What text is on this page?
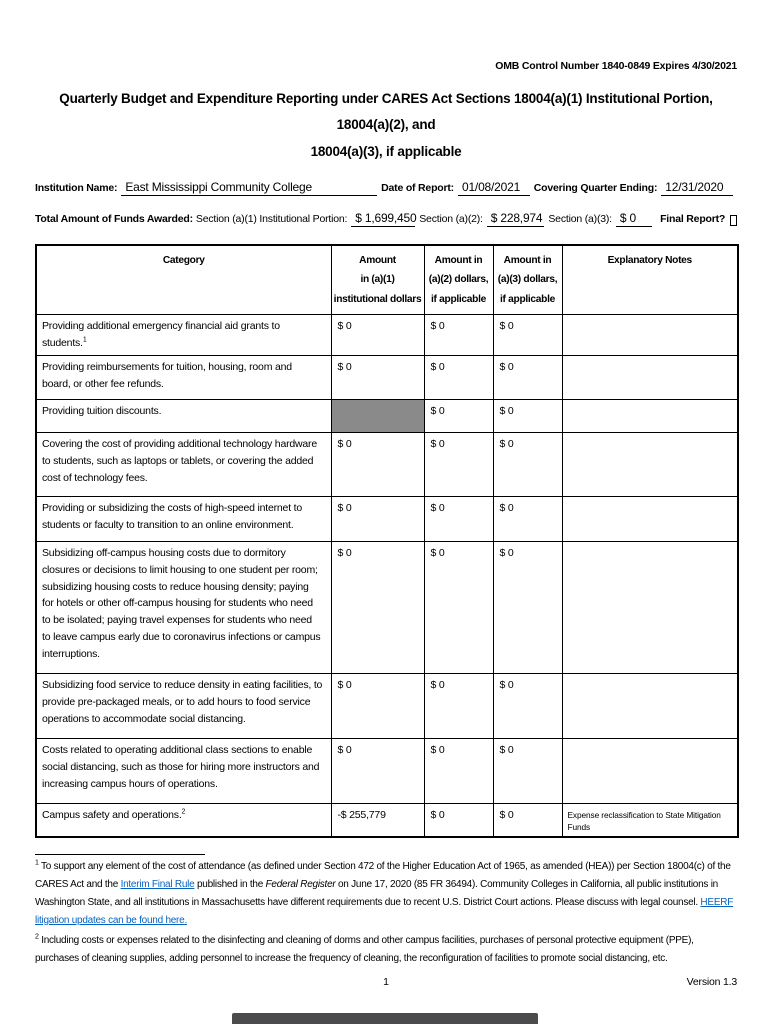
OMB Control Number 1840-0849 Expires 4/30/2021
Quarterly Budget and Expenditure Reporting under CARES Act Sections 18004(a)(1) Institutional Portion, 18004(a)(2), and
18004(a)(3), if applicable
Institution Name: East Mississippi Community College	Date of Report: 01/08/2021	Covering Quarter Ending: 12/31/2020
Total Amount of Funds Awarded: Section (a)(1) Institutional Portion: $ 1,699,450 Section (a)(2): $ 228,974 Section (a)(3): $ 0	Final Report?
Category	Amount
in (a)(1)
institutional dollars	Amount in
(a)(2) dollars,
if applicable	Amount in
(a)(3) dollars,
if applicable	Explanatory Notes

Providing additional emergency financial aid grants to students.$^1$	$ 0	$ 0	$ 0	
Providing reimbursements for tuition, housing, room and board, or other fee refunds.	$ 0	$ 0	$ 0	
Providing tuition discounts.		$ 0	$ 0	
Covering the cost of providing additional technology hardware to students, such as laptops or tablets, or covering the added cost of technology fees.	$ 0	$ 0	$ 0	
Providing or subsidizing the costs of high-speed internet to students or faculty to transition to an online environment.	$ 0	$ 0	$ 0	
Subsidizing off-campus housing costs due to dormitory closures or decisions to limit housing to one student per room; subsidizing housing costs to reduce housing density; paying for hotels or other off-campus housing for students who need to be isolated; paying travel expenses for students who need to leave campus early due to coronavirus infections or campus interruptions.	$ 0	$ 0	$ 0	
Subsidizing food service to reduce density in eating facilities, to provide pre-packaged meals, or to add hours to food service operations to accommodate social distancing.	$ 0	$ 0	$ 0	
Costs related to operating additional class sections to enable social distancing, such as those for hiring more instructors and increasing campus hours of operations.	$ 0	$ 0	$ 0	
Campus safety and operations.$^2$	-$ 255,779	$ 0	$ 0	Expense reclassification to State Mitigation Funds
$^1$ To support any element of the cost of attendance (as defined under Section 472 of the Higher Education Act of 1965, as amended (HEA)) per Section 18004(c) of the CARES Act and the Interim Final Rule published in the Federal Register on June 17, 2020 (85 FR 36494). Community Colleges in California, all public institutions in Washington State, and all institutions in Massachusetts have different requirements due to recent U.S. District Court actions. Please discuss with legal counsel. HEERF litigation updates can be found here.
$^2$ Including costs or expenses related to the disinfecting and cleaning of dorms and other campus facilities, purchases of personal protective equipment (PPE), purchases of cleaning supplies, adding personnel to increase the frequency of cleaning, the reconfiguration of facilities to promote social distancing, etc.
1	Version 1.3
